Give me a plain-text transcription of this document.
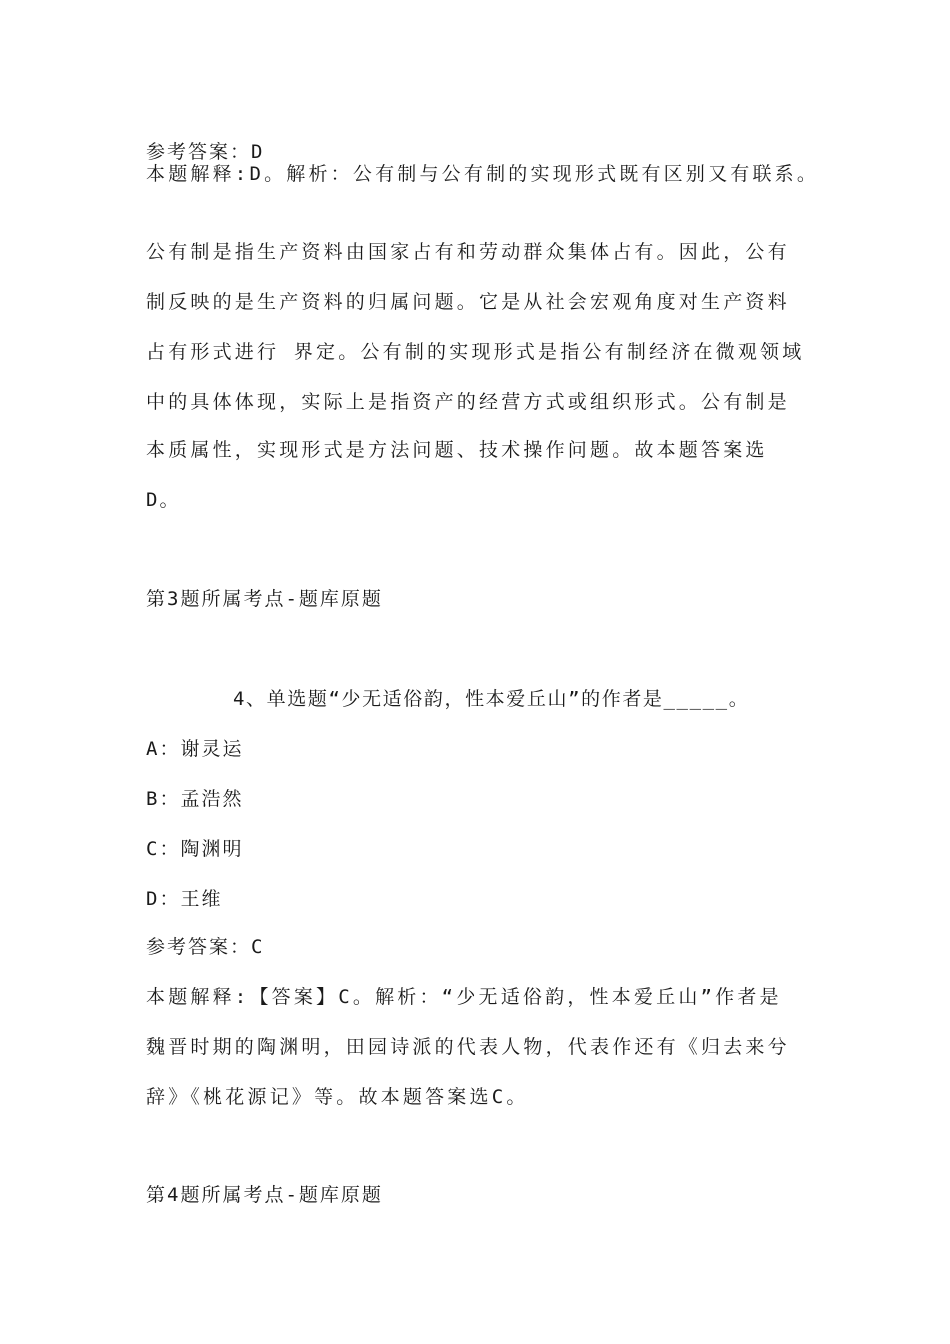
参考答案：D
本题解释:D。解析：公有制与公有制的实现形式既有区别又有联系。
公有制是指生产资料由国家占有和劳动群众集体占有。因此，公有
制反映的是生产资料的归属问题。它是从社会宏观角度对生产资料
占有形式进行 界定。公有制的实现形式是指公有制经济在微观领域
中的具体体现，实际上是指资产的经营方式或组织形式。公有制是
本质属性，实现形式是方法问题、技术操作问题。故本题答案选
D。
第3题所属考点-题库原题
4、单选题“少无适俗韵，性本爱丘山”的作者是_____。
A：谢灵运
B：孟浩然
C：陶渊明
D：王维
参考答案：C
本题解释:【答案】C。解析：“少无适俗韵，性本爱丘山”作者是
魏晋时期的陶渊明，田园诗派的代表人物，代表作还有《归去来兮
辞》《桃花源记》等。故本题答案选C。
第4题所属考点-题库原题
